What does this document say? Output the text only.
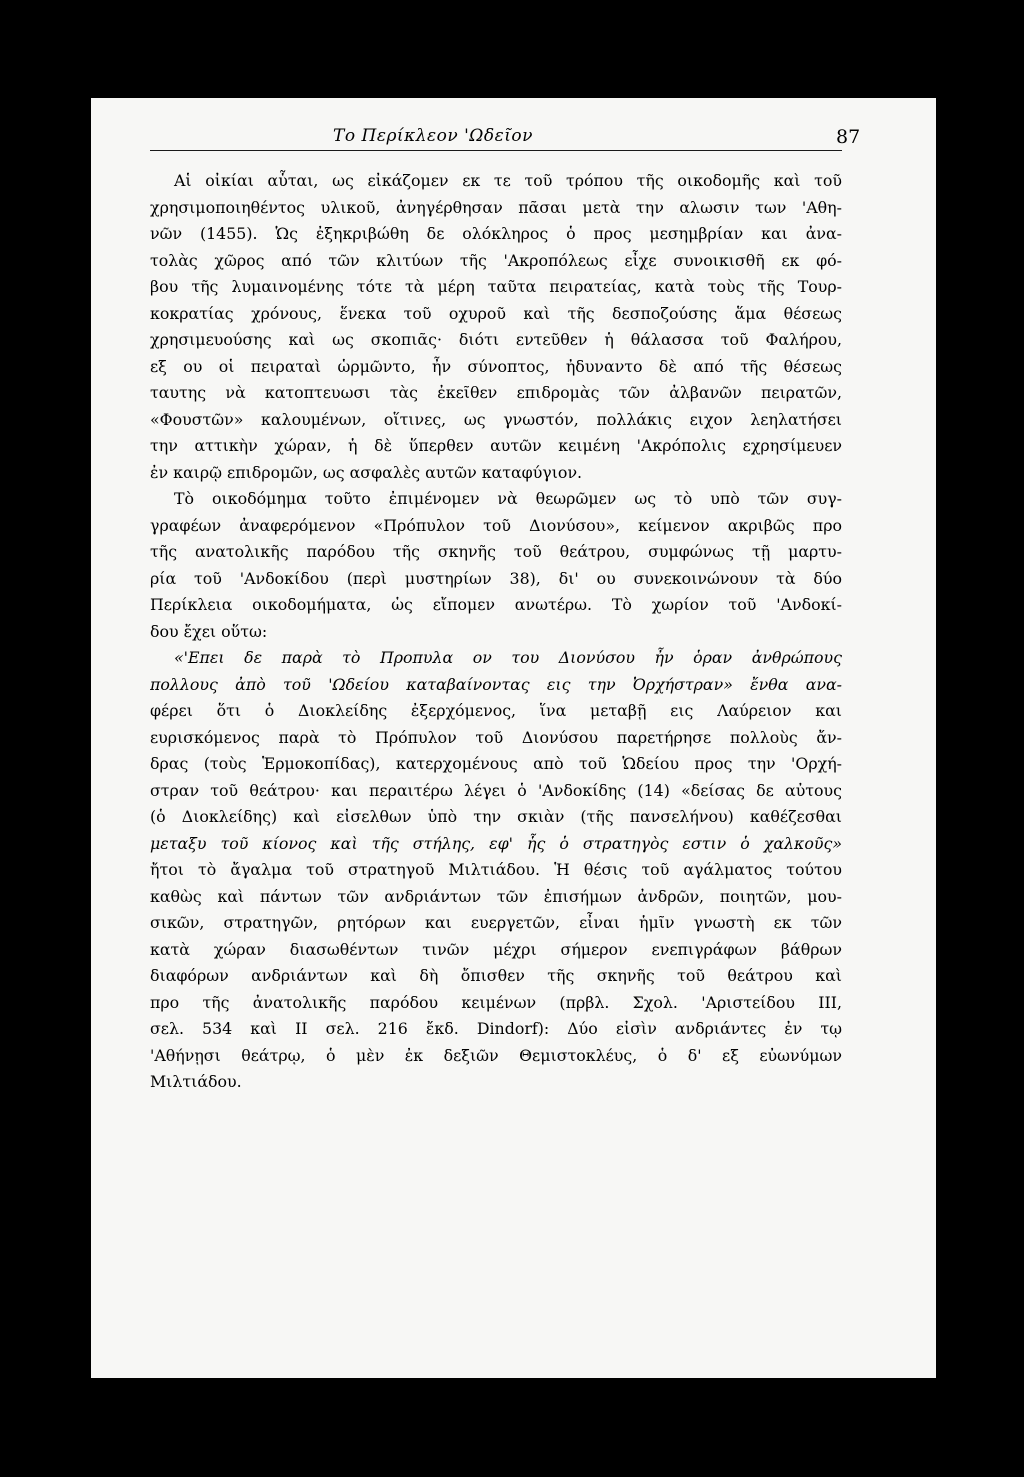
Το Περίκλεον 'Ωδεῖον	87
Αἱ οἰκίαι αὗται, ως εἰκάζομεν εκ τε τοῦ τρόπου τῆς οικοδομῆς καὶ τοῦ
χρησιμοποιηθέντος υλικοῦ, ἀνηγέρθησαν πᾶσαι μετὰ την αλωσιν των 'Αθη-
νῶν (1455). Ὡς ἐξηκριβώθη δε ολόκληρος ὁ προς μεσημβρίαν και ἀνα-
τολὰς χῶρος από τῶν κλιτύων τῆς 'Ακροπόλεως εἶχε συνοικισθῆ εκ φό-
βου τῆς λυμαινομένης τότε τὰ μέρη ταῦτα πειρατείας, κατὰ τοὺς τῆς Τουρ-
κοκρατίας χρόνους, ἕνεκα τοῦ οχυροῦ καὶ τῆς δεσποζούσης ἅμα θέσεως
χρησιμευούσης καὶ ως σκοπιᾶς· διότι εντεῦθεν ἡ θάλασσα τοῦ Φαλήρου,
εξ ου οἱ πειραταὶ ὡρμῶντο, ἦν σύνοπτος, ἠδυναντο δὲ από τῆς θέσεως
ταυτης νὰ κατοπτευωσι τὰς ἐκεῖθεν επιδρομὰς τῶν ἀλβανῶν πειρατῶν,
«Φουστῶν» καλουμένων, οἵτινες, ως γνωστόν, πολλάκις ειχον λεηλατήσει
την αττικὴν χώραν, ἡ δὲ ὕπερθεν αυτῶν κειμένη 'Ακρόπολις εχρησίμευεν
ἐν καιρῷ επιδρομῶν, ως ασφαλὲς αυτῶν καταφύγιον.
Τὸ οικοδόμημα τοῦτο ἐπιμένομεν νὰ θεωρῶμεν ως τὸ υπὸ τῶν συγ-
γραφέων ἀναφερόμενον «Πρόπυλον τοῦ Διονύσου», κείμενον ακριβῶς προ
τῆς ανατολικῆς παρόδου τῆς σκηνῆς τοῦ θεάτρου, συμφώνως τῇ μαρτυ-
ρία τοῦ 'Ανδοκίδου (περὶ μυστηρίων 38), δι' ου συνεκοινώνουν τὰ δύο
Περίκλεια οικοδομήματα, ὡς εἴπομεν ανωτέρω. Τὸ χωρίον τοῦ 'Ανδοκί-
δου ἔχει οὕτω:
«'Επει δε παρὰ τὸ Προπυλα ον του Διονύσου ἦν ὁραν ἀνθρώπους
πολλους ἀπὸ τοῦ 'Ωδείου καταβαίνοντας εις την Ὀρχήστραν» ἔνθα ανα-
φέρει ὅτι ὁ Διοκλείδης ἐξερχόμενος, ἵνα μεταβῇ εις Λαύρειον και
ευρισκόμενος παρὰ τὸ Πρόπυλον τοῦ Διονύσου παρετήρησε πολλοὺς ἄν-
δρας (τοὺς Ἑρμοκοπίδας), κατερχομένους απὸ τοῦ Ὡδείου προς την 'Ορχή-
στραν τοῦ θεάτρου· και περαιτέρω λέγει ὁ 'Ανδοκίδης (14) «δείσας δε αὐτους
(ὁ Διοκλείδης) καὶ εἰσελθων ὑπὸ την σκιὰν (τῆς πανσελήνου) καθέζεσθαι
μεταξυ τοῦ κίονος καὶ τῆς στήλης, εφ' ἧς ὁ στρατηγὸς εστιν ὁ χαλκοῦς»
ἤτοι τὸ ἄγαλμα τοῦ στρατηγοῦ Μιλτιάδου. Ἡ θέσις τοῦ αγάλματος τούτου
καθὼς καὶ πάντων τῶν ανδριάντων τῶν ἐπισήμων ἀνδρῶν, ποιητῶν, μου-
σικῶν, στρατηγῶν, ρητόρων και ευεργετῶν, εἶναι ἡμῖν γνωστὴ εκ τῶν
κατὰ χώραν διασωθέντων τινῶν μέχρι σήμερον ενεπιγράφων βάθρων
διαφόρων ανδριάντων καὶ δὴ ὄπισθεν τῆς σκηνῆς τοῦ θεάτρου καὶ
προ τῆς ἀνατολικῆς παρόδου κειμένων (πρβλ. Σχολ. 'Αριστείδου ΙΙΙ,
σελ. 534 καὶ ΙΙ σελ. 216 ἔκδ. Dindorf): Δύο εἰσὶν ανδριάντες ἐν τῳ
'Αθήνῃσι θεάτρῳ, ὁ μὲν ἐκ δεξιῶν Θεμιστοκλέυς, ὁ δ' εξ εὐωνύμων
Μιλτιάδου.
